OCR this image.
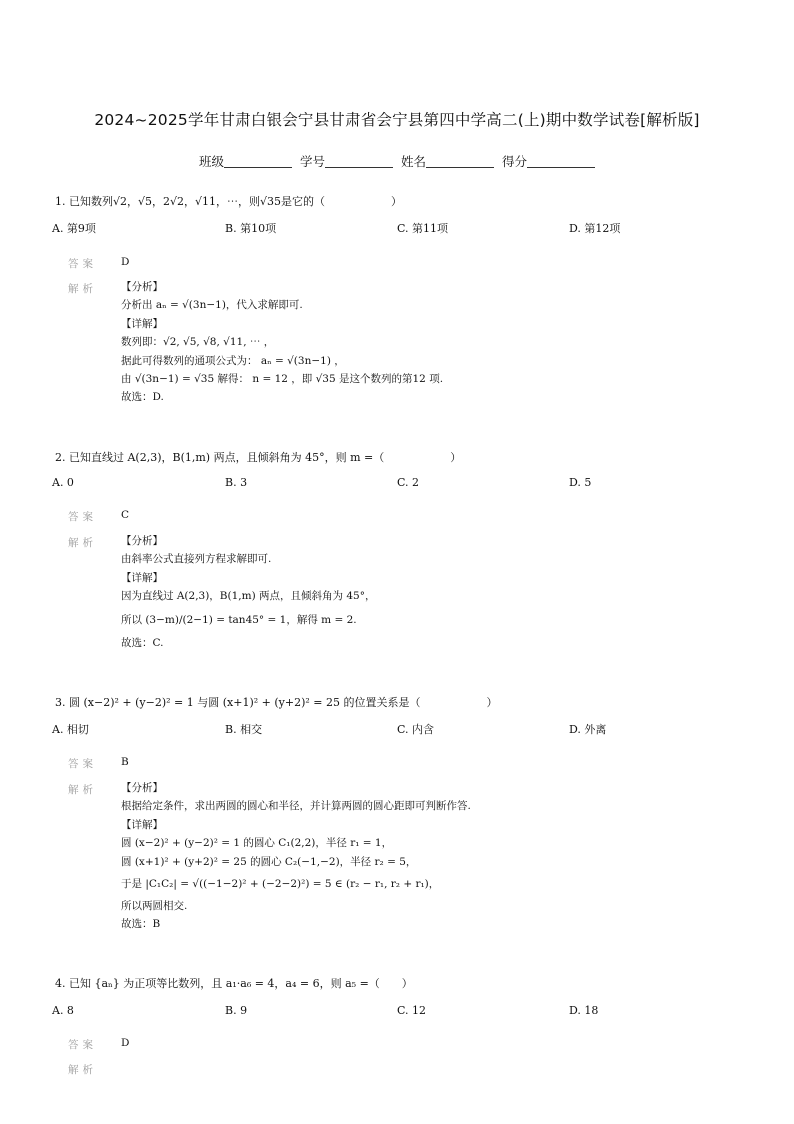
2024~2025学年甘肃白银会宁县甘肃省会宁县第四中学高二(上)期中数学试卷[解析版]
班级	学号	姓名	得分
1. 已知数列√2，√5，2√2，√11，⋯，则√35是它的（　　　　　　）
A. 第9项	B. 第10项	C. 第11项	D. 第12项
答案 D
解析 【分析】
分析出 aₙ = √(3n−1)，代入求解即可.
【详解】
数列即：√2, √5, √8, √11, ⋯ ，
据此可得数列的通项公式为： aₙ = √(3n−1) ，
由 √(3n−1) = √35 解得： n = 12 ，即 √35 是这个数列的第12 项.
故选：D.
2. 已知直线过 A(2,3)，B(1,m) 两点，且倾斜角为 45°，则 m =（　　　　　　）
A. 0	B. 3	C. 2	D. 5
答案 C
解析 【分析】
由斜率公式直接列方程求解即可.
【详解】
因为直线过 A(2,3)，B(1,m) 两点，且倾斜角为 45°，
所以 (3−m)/(2−1) = tan45° = 1，解得 m = 2.
故选：C.
3. 圆 (x−2)² + (y−2)² = 1 与圆 (x+1)² + (y+2)² = 25 的位置关系是（　　　　　　）
A. 相切	B. 相交	C. 内含	D. 外离
答案 B
解析 【分析】
根据给定条件，求出两圆的圆心和半径，并计算两圆的圆心距即可判断作答.
【详解】
圆 (x−2)² + (y−2)² = 1 的圆心 C₁(2,2)，半径 r₁ = 1，
圆 (x+1)² + (y+2)² = 25 的圆心 C₂(−1,−2)，半径 r₂ = 5，
于是 |C₁C₂| = √((−1−2)² + (−2−2)²) = 5 ∈ (r₂ − r₁, r₂ + r₁)，
所以两圆相交.
故选：B
4. 已知 {aₙ} 为正项等比数列，且 a₁·a₆ = 4，a₄ = 6，则 a₅ =（　　）
A. 8	B. 9	C. 12	D. 18
答案 D
解析
